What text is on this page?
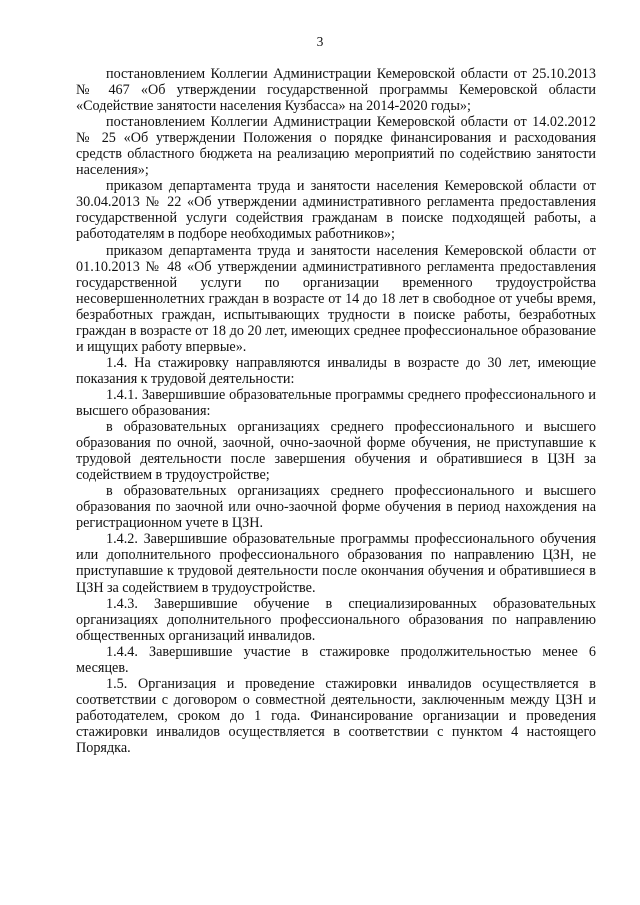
3

постановлением Коллегии Администрации Кемеровской области от 25.10.2013 № 467 «Об утверждении государственной программы Кемеровской области «Содействие занятости населения Кузбасса» на 2014-2020 годы»;

постановлением Коллегии Администрации Кемеровской области от 14.02.2012 № 25 «Об утверждении Положения о порядке финансирования и расходования средств областного бюджета на реализацию мероприятий по содействию занятости населения»;

приказом департамента труда и занятости населения Кемеровской области от 30.04.2013 № 22 «Об утверждении административного регламента предоставления государственной услуги содействия гражданам в поиске подходящей работы, а работодателям в подборе необходимых работников»;

приказом департамента труда и занятости населения Кемеровской области от 01.10.2013 № 48 «Об утверждении административного регламента предоставления государственной услуги по организации временного трудоустройства несовершеннолетних граждан в возрасте от 14 до 18 лет в свободное от учебы время, безработных граждан, испытывающих трудности в поиске работы, безработных граждан в возрасте от 18 до 20 лет, имеющих среднее профессиональное образование и ищущих работу впервые».

1.4. На стажировку направляются инвалиды в возрасте до 30 лет, имеющие показания к трудовой деятельности:

1.4.1. Завершившие образовательные программы среднего профессионального и высшего образования:

в образовательных организациях среднего профессионального и высшего образования по очной, заочной, очно-заочной форме обучения, не приступавшие к трудовой деятельности после завершения обучения и обратившиеся в ЦЗН за содействием в трудоустройстве;

в образовательных организациях среднего профессионального и высшего образования по заочной или очно-заочной форме обучения в период нахождения на регистрационном учете в ЦЗН.

1.4.2. Завершившие образовательные программы профессионального обучения или дополнительного профессионального образования по направлению ЦЗН, не приступавшие к трудовой деятельности после окончания обучения и обратившиеся в ЦЗН за содействием в трудоустройстве.

1.4.3. Завершившие обучение в специализированных образовательных организациях дополнительного профессионального образования по направлению общественных организаций инвалидов.

1.4.4. Завершившие участие в стажировке продолжительностью менее 6 месяцев.

1.5. Организация и проведение стажировки инвалидов осуществляется в соответствии с договором о совместной деятельности, заключенным между ЦЗН и работодателем, сроком до 1 года. Финансирование организации и проведения стажировки инвалидов осуществляется в соответствии с пунктом 4 настоящего Порядка.
